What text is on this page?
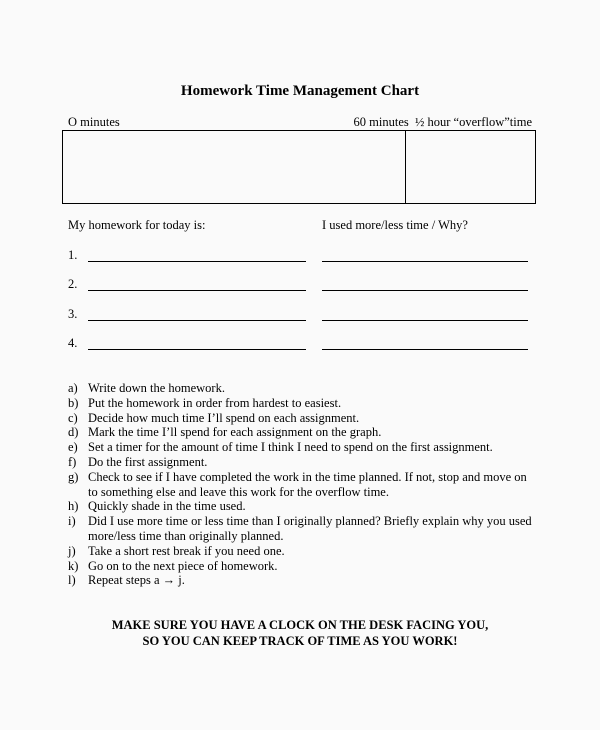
Homework Time Management Chart
O minutes	60 minutes ½ hour “overflow”time
My homework for today is:	I used more/less time / Why?
1.
2.
3.
4.
a) Write down the homework.
b) Put the homework in order from hardest to easiest.
c) Decide how much time I’ll spend on each assignment.
d) Mark the time I’ll spend for each assignment on the graph.
e) Set a timer for the amount of time I think I need to spend on the first assignment.
f) Do the first assignment.
g) Check to see if I have completed the work in the time planned. If not, stop and move on to something else and leave this work for the overflow time.
h) Quickly shade in the time used.
i) Did I use more time or less time than I originally planned? Briefly explain why you used more/less time than originally planned.
j) Take a short rest break if you need one.
k) Go on to the next piece of homework.
l) Repeat steps a → j.
MAKE SURE YOU HAVE A CLOCK ON THE DESK FACING YOU,
SO YOU CAN KEEP TRACK OF TIME AS YOU WORK!
